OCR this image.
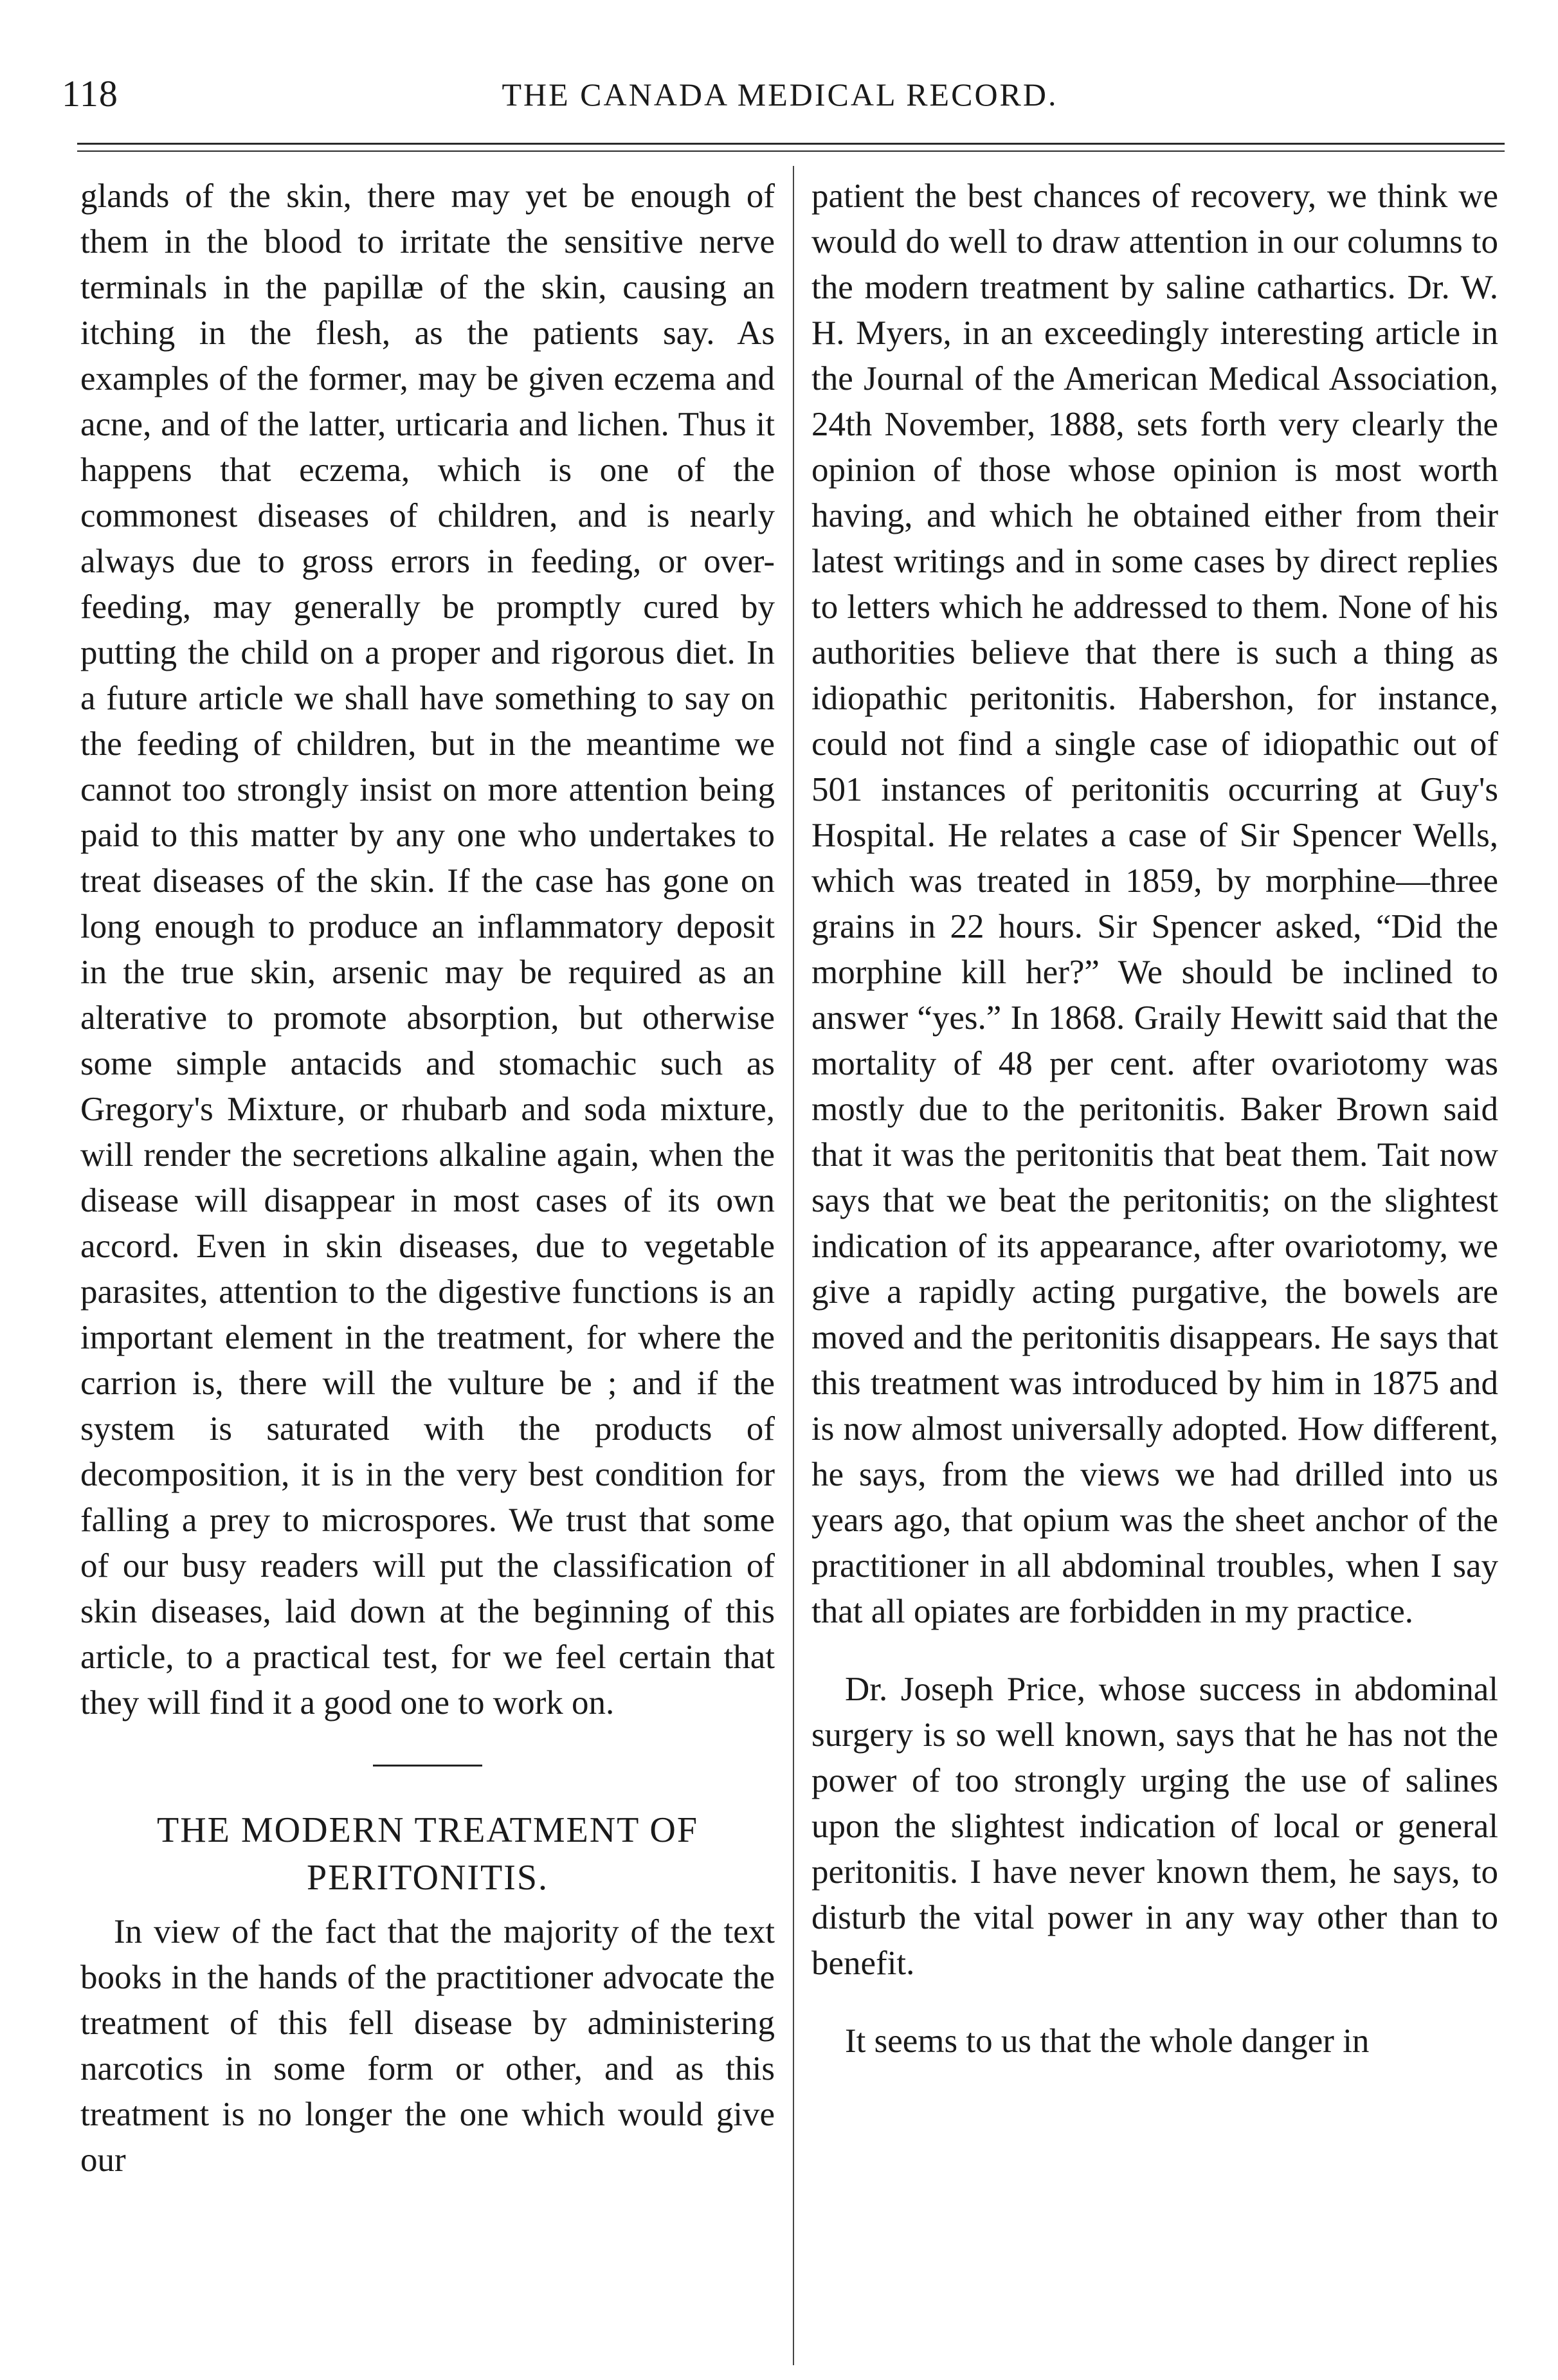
118	THE CANADA MEDICAL RECORD.

glands of the skin, there may yet be enough of them in the blood to irritate the sensitive nerve terminals in the papillæ of the skin, causing an itching in the flesh, as the patients say. As examples of the former, may be given eczema and acne, and of the latter, urticaria and lichen. Thus it happens that eczema, which is one of the commonest diseases of children, and is nearly always due to gross errors in feeding, or over-feeding, may generally be promptly cured by putting the child on a proper and rigorous diet. In a future article we shall have something to say on the feeding of children, but in the meantime we cannot too strongly insist on more attention being paid to this matter by any one who undertakes to treat diseases of the skin. If the case has gone on long enough to produce an inflammatory deposit in the true skin, arsenic may be required as an alterative to promote absorption, but otherwise some simple antacids and stomachic such as Gregory's Mixture, or rhubarb and soda mixture, will render the secretions alkaline again, when the disease will disappear in most cases of its own accord. Even in skin diseases, due to vegetable parasites, attention to the digestive functions is an important element in the treatment, for where the carrion is, there will the vulture be ; and if the system is saturated with the products of decomposition, it is in the very best condition for falling a prey to microspores. We trust that some of our busy readers will put the classification of skin diseases, laid down at the beginning of this article, to a practical test, for we feel certain that they will find it a good one to work on.

THE MODERN TREATMENT OF
PERITONITIS.

In view of the fact that the majority of the text books in the hands of the practitioner advocate the treatment of this fell disease by administering narcotics in some form or other, and as this treatment is no longer the one which would give our

patient the best chances of recovery, we think we would do well to draw attention in our columns to the modern treatment by saline cathartics. Dr. W. H. Myers, in an exceedingly interesting article in the Journal of the American Medical Association, 24th November, 1888, sets forth very clearly the opinion of those whose opinion is most worth having, and which he obtained either from their latest writings and in some cases by direct replies to letters which he addressed to them. None of his authorities believe that there is such a thing as idiopathic peritonitis. Habershon, for instance, could not find a single case of idiopathic out of 501 instances of peritonitis occurring at Guy's Hospital. He relates a case of Sir Spencer Wells, which was treated in 1859, by morphine—three grains in 22 hours. Sir Spencer asked, “Did the morphine kill her?” We should be inclined to answer “yes.” In 1868. Graily Hewitt said that the mortality of 48 per cent. after ovariotomy was mostly due to the peritonitis. Baker Brown said that it was the peritonitis that beat them. Tait now says that we beat the peritonitis; on the slightest indication of its appearance, after ovariotomy, we give a rapidly acting purgative, the bowels are moved and the peritonitis disappears. He says that this treatment was introduced by him in 1875 and is now almost universally adopted. How different, he says, from the views we had drilled into us years ago, that opium was the sheet anchor of the practitioner in all abdominal troubles, when I say that all opiates are forbidden in my practice.

Dr. Joseph Price, whose success in abdominal surgery is so well known, says that he has not the power of too strongly urging the use of salines upon the slightest indication of local or general peritonitis. I have never known them, he says, to disturb the vital power in any way other than to benefit.

It seems to us that the whole danger in
